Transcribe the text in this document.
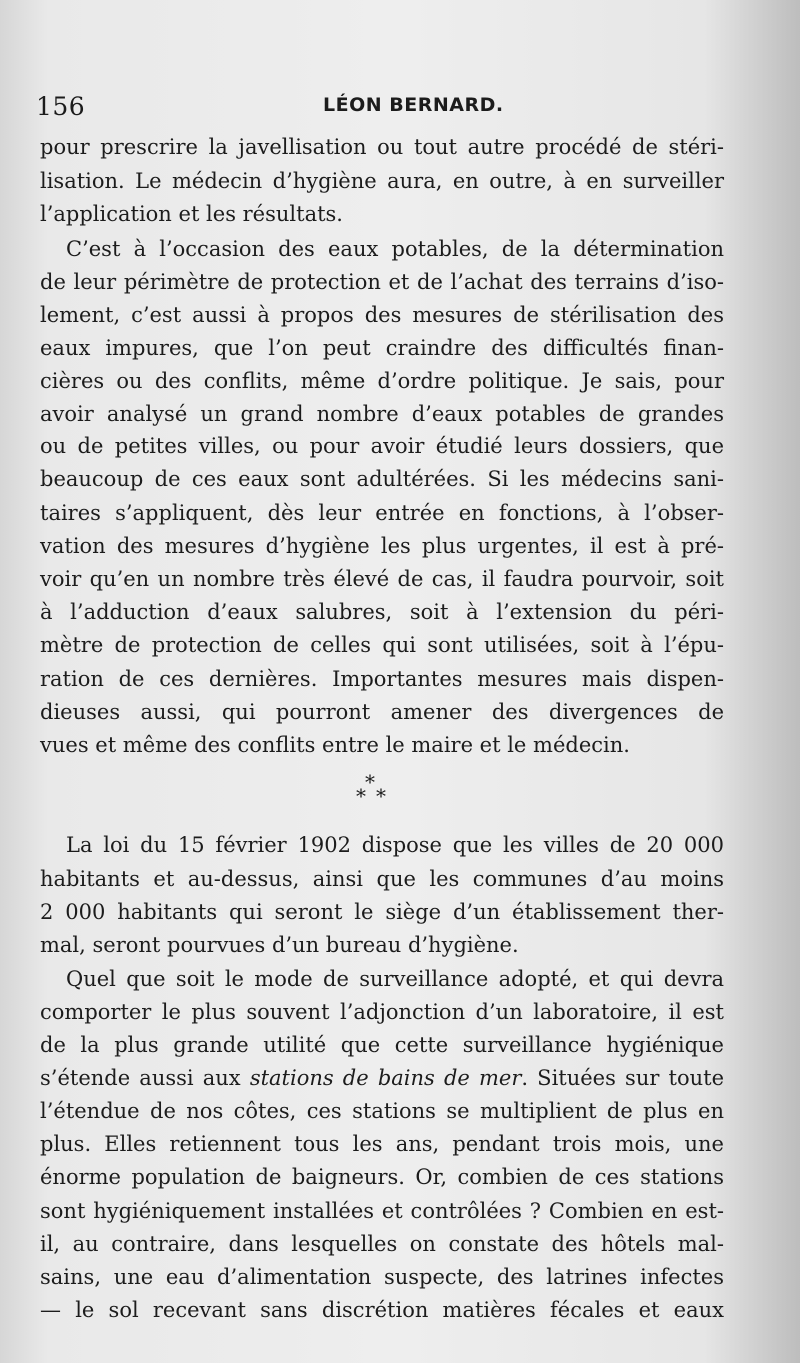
156	LÉON BERNARD.
pour prescrire la javellisation ou tout autre procédé de stéri-
lisation. Le médecin d’hygiène aura, en outre, à en surveiller
l’application et les résultats.
C’est à l’occasion des eaux potables, de la détermination
de leur périmètre de protection et de l’achat des terrains d’iso-
lement, c’est aussi à propos des mesures de stérilisation des
eaux impures, que l’on peut craindre des difficultés finan-
cières ou des conflits, même d’ordre politique. Je sais, pour
avoir analysé un grand nombre d’eaux potables de grandes
ou de petites villes, ou pour avoir étudié leurs dossiers, que
beaucoup de ces eaux sont adultérées. Si les médecins sani-
taires s’appliquent, dès leur entrée en fonctions, à l’obser-
vation des mesures d’hygiène les plus urgentes, il est à pré-
voir qu’en un nombre très élevé de cas, il faudra pourvoir, soit
à l’adduction d’eaux salubres, soit à l’extension du péri-
mètre de protection de celles qui sont utilisées, soit à l’épu-
ration de ces dernières. Importantes mesures mais dispen-
dieuses aussi, qui pourront amener des divergences de
vues et même des conflits entre le maire et le médecin.
*
* *
La loi du 15 février 1902 dispose que les villes de 20 000
habitants et au-dessus, ainsi que les communes d’au moins
2 000 habitants qui seront le siège d’un établissement ther-
mal, seront pourvues d’un bureau d’hygiène.
Quel que soit le mode de surveillance adopté, et qui devra
comporter le plus souvent l’adjonction d’un laboratoire, il est
de la plus grande utilité que cette surveillance hygiénique
s’étende aussi aux stations de bains de mer. Situées sur toute
l’étendue de nos côtes, ces stations se multiplient de plus en
plus. Elles retiennent tous les ans, pendant trois mois, une
énorme population de baigneurs. Or, combien de ces stations
sont hygiéniquement installées et contrôlées ? Combien en est-
il, au contraire, dans lesquelles on constate des hôtels mal-
sains, une eau d’alimentation suspecte, des latrines infectes
— le sol recevant sans discrétion matières fécales et eaux
